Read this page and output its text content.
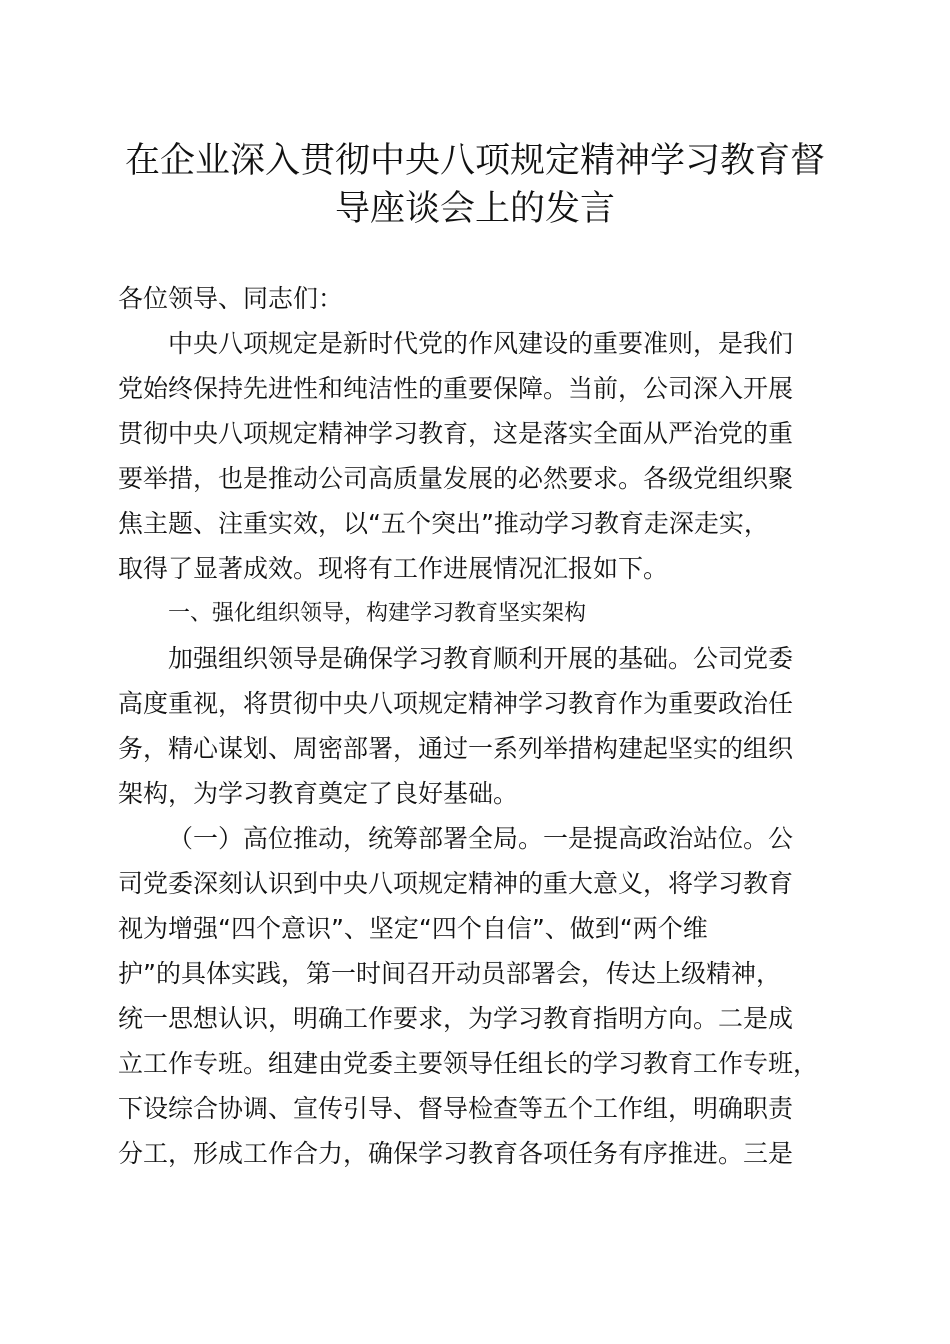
在企业深入贯彻中央八项规定精神学习教育督
导座谈会上的发言
各位领导、同志们：
中央八项规定是新时代党的作风建设的重要准则，是我们
党始终保持先进性和纯洁性的重要保障。当前，公司深入开展
贯彻中央八项规定精神学习教育，这是落实全面从严治党的重
要举措，也是推动公司高质量发展的必然要求。各级党组织聚
焦主题、注重实效，以“五个突出”推动学习教育走深走实，
取得了显著成效。现将有工作进展情况汇报如下。
一、强化组织领导，构建学习教育坚实架构
加强组织领导是确保学习教育顺利开展的基础。公司党委
高度重视，将贯彻中央八项规定精神学习教育作为重要政治任
务，精心谋划、周密部署，通过一系列举措构建起坚实的组织
架构，为学习教育奠定了良好基础。
（一）高位推动，统筹部署全局。一是提高政治站位。公
司党委深刻认识到中央八项规定精神的重大意义，将学习教育
视为增强“四个意识”、坚定“四个自信”、做到“两个维
护”的具体实践，第一时间召开动员部署会，传达上级精神，
统一思想认识，明确工作要求，为学习教育指明方向。二是成
立工作专班。组建由党委主要领导任组长的学习教育工作专班，
下设综合协调、宣传引导、督导检查等五个工作组，明确职责
分工，形成工作合力，确保学习教育各项任务有序推进。三是
